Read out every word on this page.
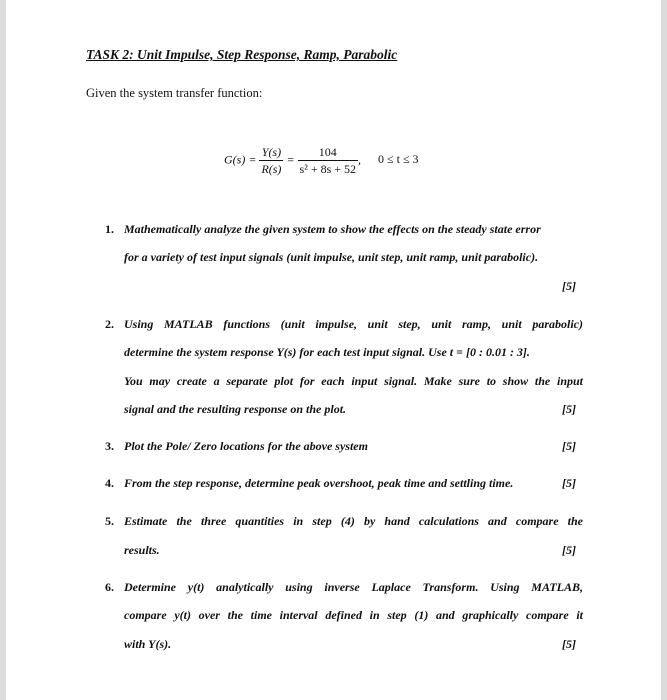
TASK 2: Unit Impulse, Step Response, Ramp, Parabolic
Given the system transfer function:
$G(s) = \frac{Y(s)}{R(s)} = \frac{104}{\text{s² + 8s + 52}}$ , 0 ≤ t ≤ 3
1. Mathematically analyze the given system to show the effects on the steady state error
for a variety of test input signals (unit impulse, unit step, unit ramp, unit parabolic).
[5]
2. Using MATLAB functions (unit impulse, unit step, unit ramp, unit parabolic)
determine the system response Y(s) for each test input signal. Use t = [0 : 0.01 : 3].
You may create a separate plot for each input signal. Make sure to show the input
signal and the resulting response on the plot.	[5]
3. Plot the Pole/ Zero locations for the above system	[5]
4. From the step response, determine peak overshoot, peak time and settling time.	[5]
5. Estimate the three quantities in step (4) by hand calculations and compare the
results.	[5]
6. Determine y(t) analytically using inverse Laplace Transform. Using MATLAB,
compare y(t) over the time interval defined in step (1) and graphically compare it
with Y(s).	[5]
